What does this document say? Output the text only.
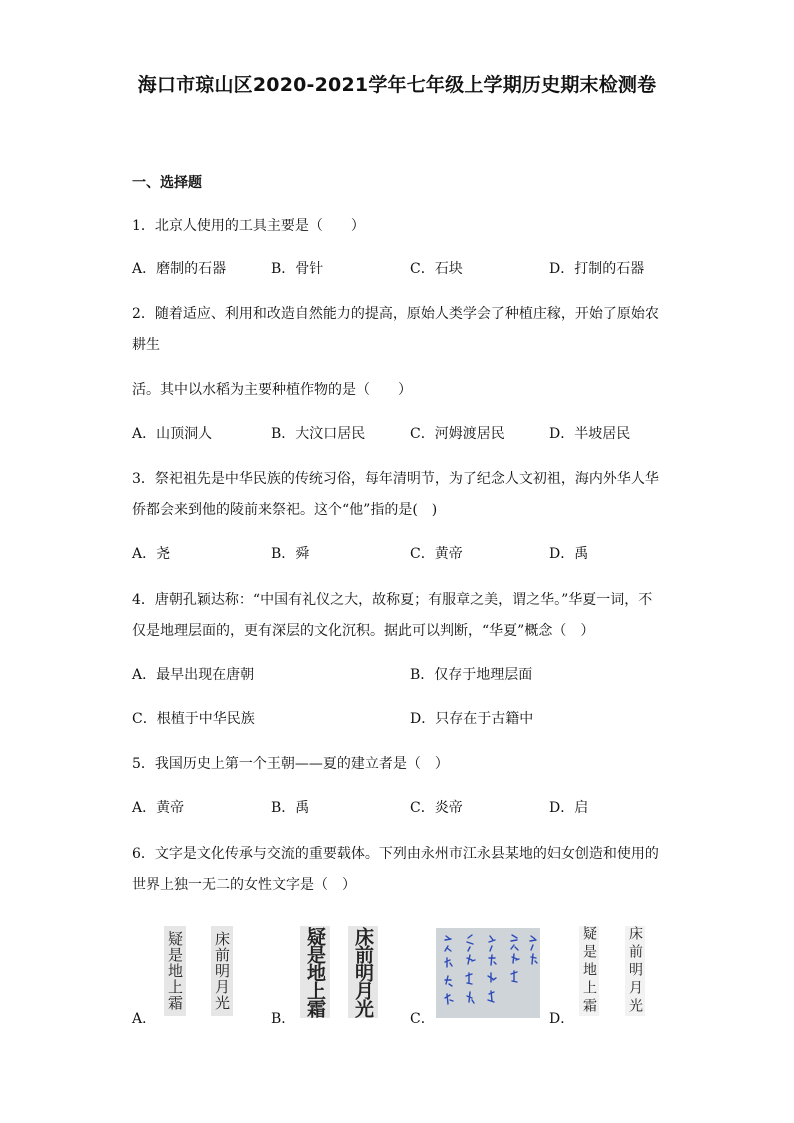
海口市琼山区2020-2021学年七年级上学期历史期末检测卷
一、选择题
1．北京人使用的工具主要是（　　）
A．磨制的石器	B．骨针	C．石块	D．打制的石器
2．随着适应、利用和改造自然能力的提高，原始人类学会了种植庄稼，开始了原始农
耕生
活。其中以水稻为主要种植作物的是（　　）
A．山顶洞人	B．大汶口居民	C．河姆渡居民	D．半坡居民
3．祭祀祖先是中华民族的传统习俗，每年清明节，为了纪念人文初祖，海内外华人华
侨都会来到他的陵前来祭祀。这个“他”指的是(　)
A．尧	B．舜	C．黄帝	D．禹
4．唐朝孔颖达称：“中国有礼仪之大，故称夏；有服章之美，谓之华。”华夏一词，不
仅是地理层面的，更有深层的文化沉积。据此可以判断，“华夏”概念（　）
A．最早出现在唐朝	B．仅存于地理层面
C．根植于中华民族	D．只存在于古籍中
5．我国历史上第一个王朝——夏的建立者是（　）
A．黄帝	B．禹	C．炎帝	D．启
6．文字是文化传承与交流的重要载体。下列由永州市江永县某地的妇女创造和使用的
世界上独一无二的女性文字是（　）
A．
疑是地上霜 床前明月光
B．
疑是地上霜 床前明月光
C．	D．
疑是地上霜 床前明月光
